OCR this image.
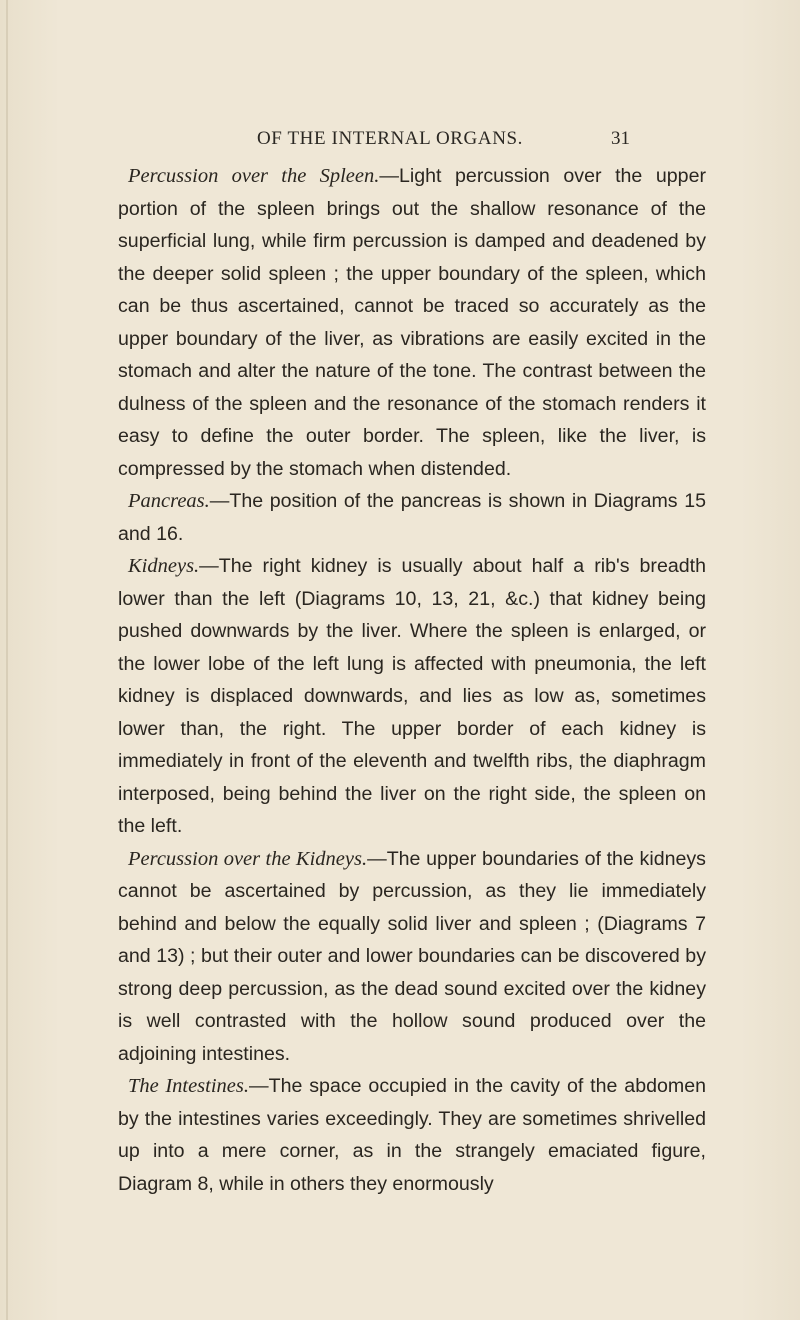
OF THE INTERNAL ORGANS.	31

Percussion over the Spleen.—Light percussion over the upper portion of the spleen brings out the shallow resonance of the superficial lung, while firm percussion is damped and deadened by the deeper solid spleen ; the upper boundary of the spleen, which can be thus ascertained, cannot be traced so accurately as the upper boundary of the liver, as vibrations are easily excited in the stomach and alter the nature of the tone. The contrast between the dulness of the spleen and the resonance of the stomach renders it easy to define the outer border. The spleen, like the liver, is compressed by the stomach when distended.

Pancreas.—The position of the pancreas is shown in Diagrams 15 and 16.

Kidneys.—The right kidney is usually about half a rib's breadth lower than the left (Diagrams 10, 13, 21, &c.) that kidney being pushed downwards by the liver. Where the spleen is enlarged, or the lower lobe of the left lung is affected with pneumonia, the left kidney is displaced downwards, and lies as low as, sometimes lower than, the right. The upper border of each kidney is immediately in front of the eleventh and twelfth ribs, the diaphragm interposed, being behind the liver on the right side, the spleen on the left.

Percussion over the Kidneys.—The upper boundaries of the kidneys cannot be ascertained by percussion, as they lie immediately behind and below the equally solid liver and spleen ; (Diagrams 7 and 13) ; but their outer and lower boundaries can be discovered by strong deep percussion, as the dead sound excited over the kidney is well contrasted with the hollow sound produced over the adjoining intestines.

The Intestines.—The space occupied in the cavity of the abdomen by the intestines varies exceedingly. They are sometimes shrivelled up into a mere corner, as in the strangely emaciated figure, Diagram 8, while in others they enormously
